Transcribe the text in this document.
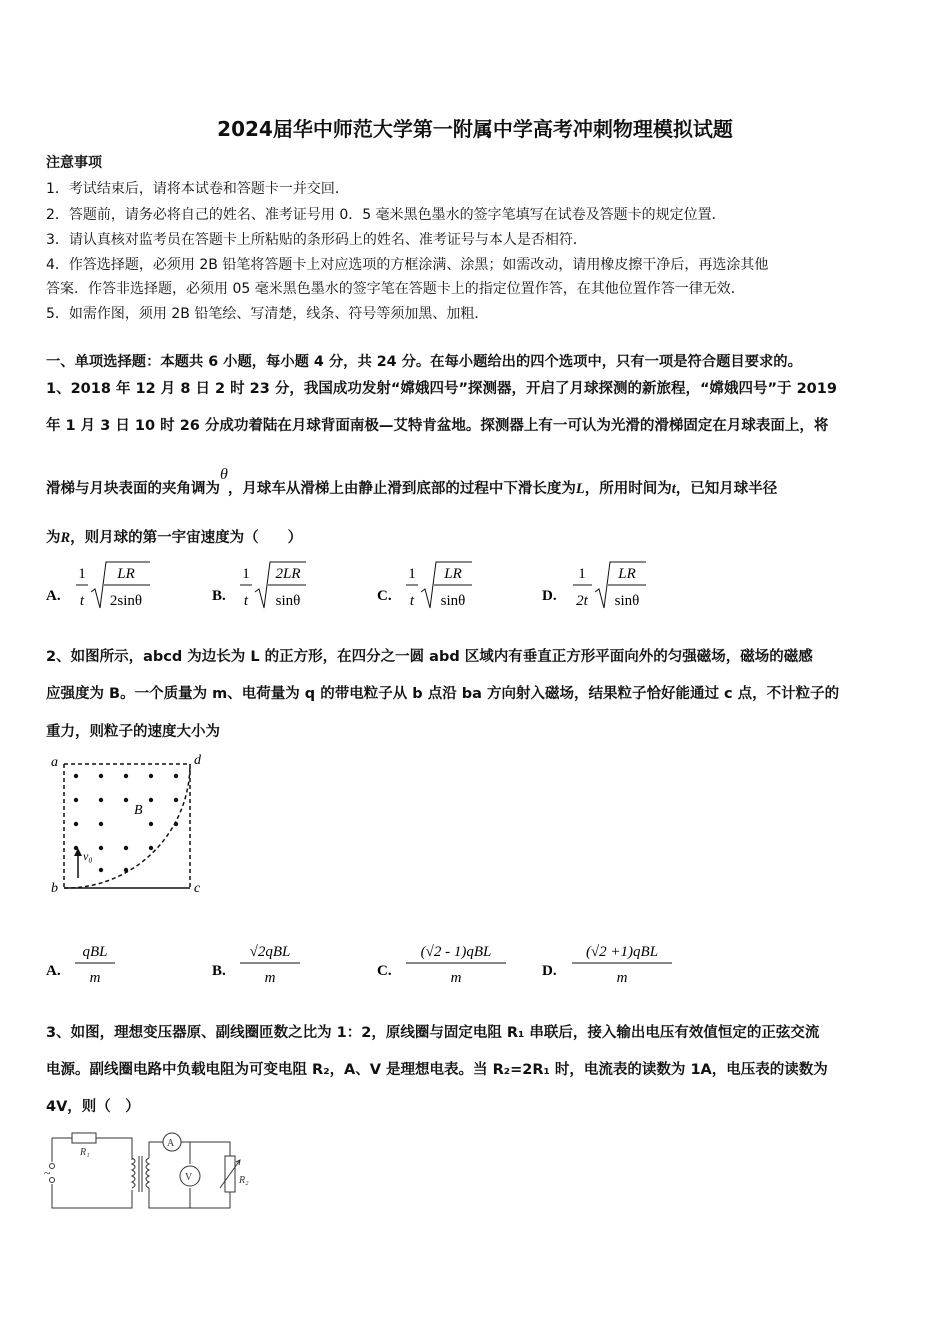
2024届华中师范大学第一附属中学高考冲刺物理模拟试题
注意事项
1．考试结束后，请将本试卷和答题卡一并交回．
2．答题前，请务必将自己的姓名、准考证号用 0．5 毫米黑色墨水的签字笔填写在试卷及答题卡的规定位置．
3．请认真核对监考员在答题卡上所粘贴的条形码上的姓名、准考证号与本人是否相符．
4．作答选择题，必须用 2B 铅笔将答题卡上对应选项的方框涂满、涂黑；如需改动，请用橡皮擦干净后，再选涂其他
答案．作答非选择题，必须用 05 毫米黑色墨水的签字笔在答题卡上的指定位置作答，在其他位置作答一律无效．
5．如需作图，须用 2B 铅笔绘、写清楚，线条、符号等须加黑、加粗．
一、单项选择题：本题共 6 小题，每小题 4 分，共 24 分。在每小题给出的四个选项中，只有一项是符合题目要求的。
1、2018 年 12 月 8 日 2 时 23 分，我国成功发射“嫦娥四号”探测器，开启了月球探测的新旅程，“嫦娥四号”于 2019
年 1 月 3 日 10 时 26 分成功着陆在月球背面南极—艾特肯盆地。探测器上有一可认为光滑的滑梯固定在月球表面上，将
滑梯与月块表面的夹角调为θ，月球车从滑梯上由静止滑到底部的过程中下滑长度为L，所用时间为t，已知月球半径
为R，则月球的第一宇宙速度为（　　）
A.
1
t
LR
2sinθ	B.
1
t
2LR
sinθ	C.
1
t
LR
sinθ	D.
1
2t
LR
sinθ
2、如图所示，abcd 为边长为 L 的正方形，在四分之一圆 abd 区域内有垂直正方形平面向外的匀强磁场，磁场的磁感
应强度为 B。一个质量为 m、电荷量为 q 的带电粒子从 b 点沿 ba 方向射入磁场，结果粒子恰好能通过 c 点，不计粒子的
重力，则粒子的速度大小为
a	d
b	c
B
v₀
A.
qBL
m	B.
√2qBL
m	C.
(√2 - 1)qBL
m	D.
(√2 +1)qBL
m
3、如图，理想变压器原、副线圈匝数之比为 1：2，原线圈与固定电阻 R₁ 串联后，接入输出电压有效值恒定的正弦交流
电源。副线圈电路中负载电阻为可变电阻 R₂，A、V 是理想电表。当 R₂=2R₁ 时，电流表的读数为 1A，电压表的读数为
4V，则（　）
R₁
~
A
V	R₂
